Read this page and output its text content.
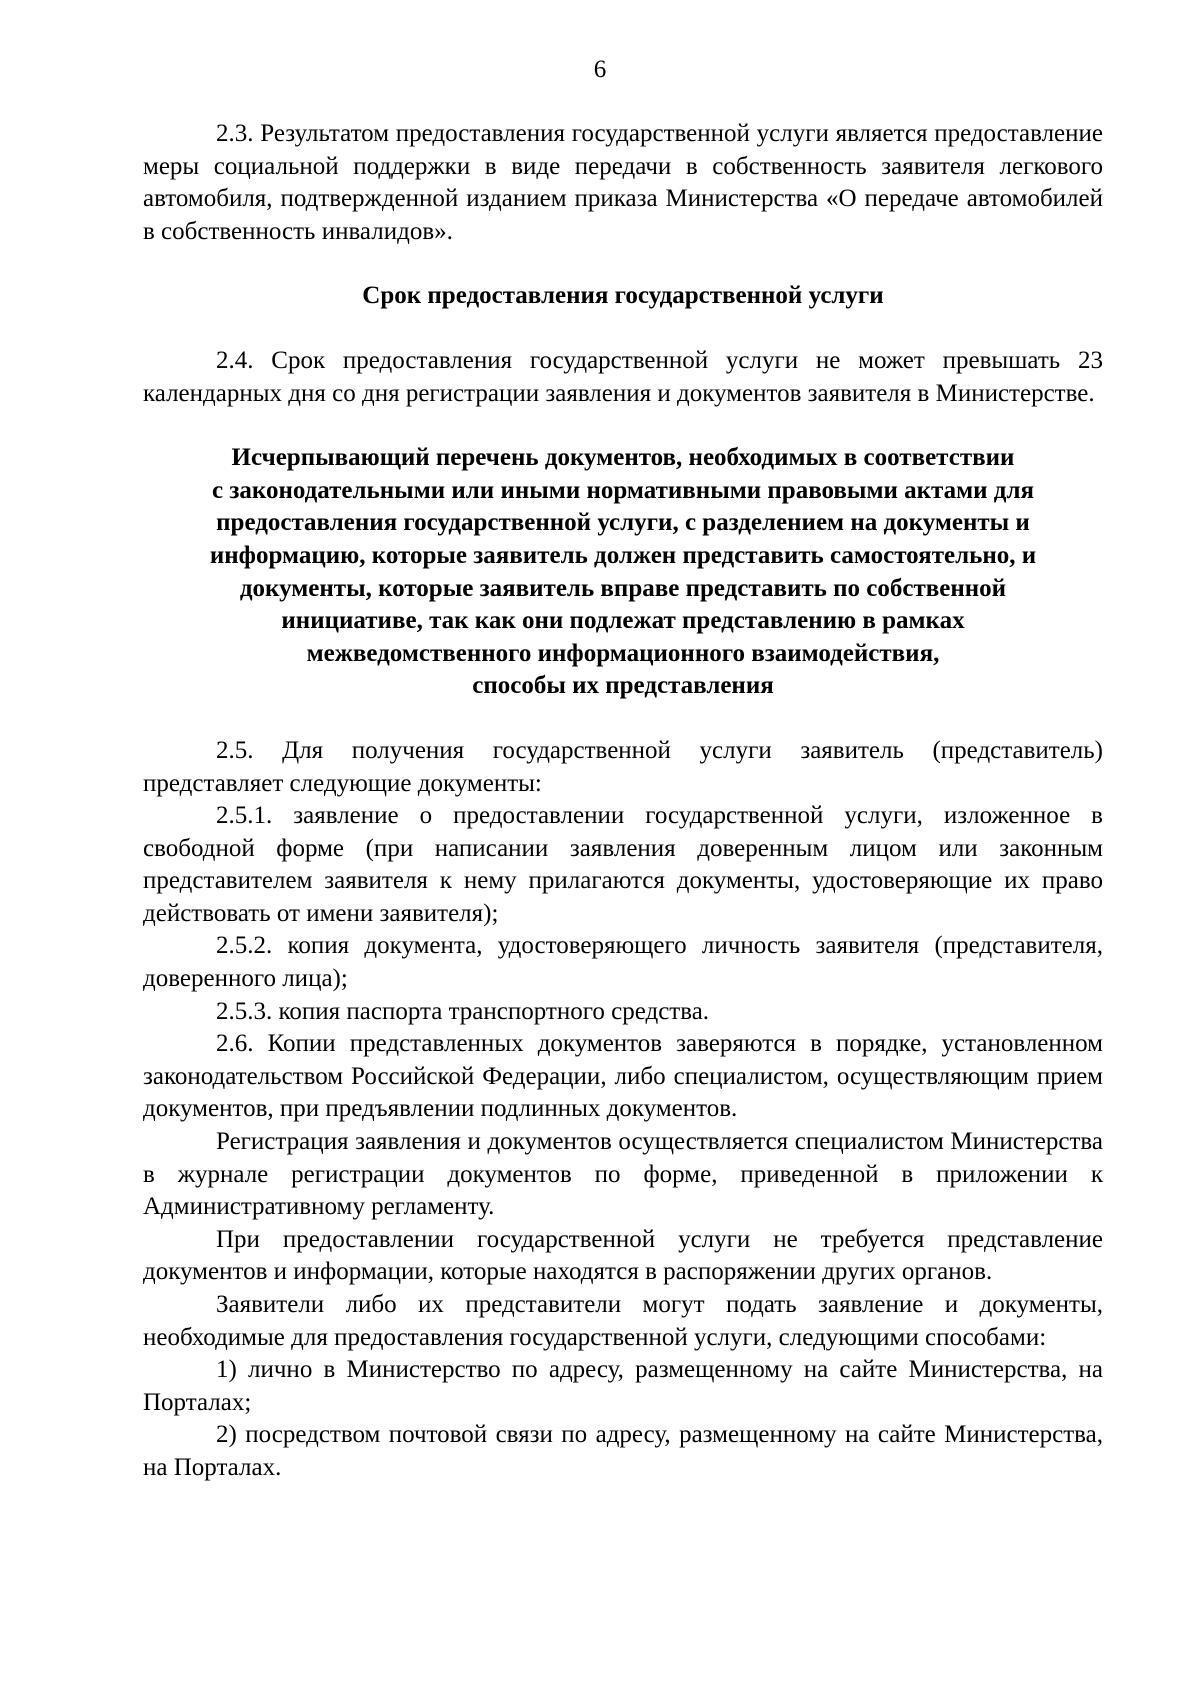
6

2.3. Результатом предоставления государственной услуги является предоставление меры социальной поддержки в виде передачи в собственность заявителя легкового автомобиля, подтвержденной изданием приказа Министерства «О передаче автомобилей в собственность инвалидов».

Срок предоставления государственной услуги

2.4. Срок предоставления государственной услуги не может превышать 23 календарных дня со дня регистрации заявления и документов заявителя в Министерстве.

Исчерпывающий перечень документов, необходимых в соответствии
с законодательными или иными нормативными правовыми актами для
предоставления государственной услуги, с разделением на документы и
информацию, которые заявитель должен представить самостоятельно, и
документы, которые заявитель вправе представить по собственной
инициативе, так как они подлежат представлению в рамках
межведомственного информационного взаимодействия,
способы их представления

2.5. Для получения государственной услуги заявитель (представитель) представляет следующие документы:

2.5.1. заявление о предоставлении государственной услуги, изложенное в свободной форме (при написании заявления доверенным лицом или законным представителем заявителя к нему прилагаются документы, удостоверяющие их право действовать от имени заявителя);

2.5.2. копия документа, удостоверяющего личность заявителя (представителя, доверенного лица);

2.5.3. копия паспорта транспортного средства.

2.6. Копии представленных документов заверяются в порядке, установленном законодательством Российской Федерации, либо специалистом, осуществляющим прием документов, при предъявлении подлинных документов.

Регистрация заявления и документов осуществляется специалистом Министерства в журнале регистрации документов по форме, приведенной в приложении к Административному регламенту.

При предоставлении государственной услуги не требуется представление документов и информации, которые находятся в распоряжении других органов.

Заявители либо их представители могут подать заявление и документы, необходимые для предоставления государственной услуги, следующими способами:

1) лично в Министерство по адресу, размещенному на сайте Министерства, на Порталах;

2) посредством почтовой связи по адресу, размещенному на сайте Министерства, на Порталах.
